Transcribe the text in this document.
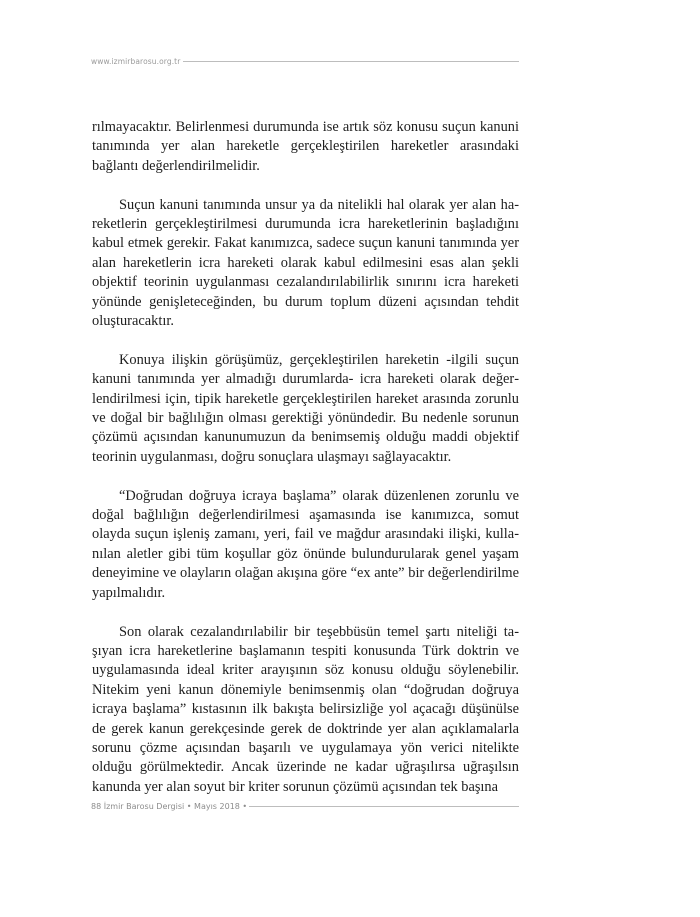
www.izmirbarosu.org.tr

rılmayacaktır. Belirlenmesi durumunda ise artık söz konusu suçun kanuni tanımında yer alan hareketle gerçekleştirilen hareketler arasındaki bağlantı değerlendirilmelidir.

Suçun kanuni tanımında unsur ya da nitelikli hal olarak yer alan hareketlerin gerçekleştirilmesi durumunda icra hareketlerinin başladığını kabul etmek gerekir. Fakat kanımızca, sadece suçun kanuni tanımında yer alan hareketlerin icra hareketi olarak kabul edilmesini esas alan şekli objektif teorinin uygulanması cezalandırılabilirlik sınırını icra hareketi yönünde genişleteceğinden, bu durum toplum düzeni açısından tehdit oluşturacaktır.

Konuya ilişkin görüşümüz, gerçekleştirilen hareketin -ilgili suçun kanuni tanımında yer almadığı durumlarda- icra hareketi olarak değerlendirilmesi için, tipik hareketle gerçekleştirilen hareket arasında zorunlu ve doğal bir bağlılığın olması gerektiği yönündedir. Bu nedenle sorunun çözümü açısından kanunumuzun da benimsemiş olduğu maddi objektif teorinin uygulanması, doğru sonuçlara ulaşmayı sağlayacaktır.

“Doğrudan doğruya icraya başlama” olarak düzenlenen zorunlu ve doğal bağlılığın değerlendirilmesi aşamasında ise kanımızca, somut olayda suçun işleniş zamanı, yeri, fail ve mağdur arasındaki ilişki, kullanılan aletler gibi tüm koşullar göz önünde bulundurularak genel yaşam deneyimine ve olayların olağan akışına göre “ex ante” bir değerlendirilme yapılmalıdır.

Son olarak cezalandırılabilir bir teşebbüsün temel şartı niteliği taşıyan icra hareketlerine başlamanın tespiti konusunda Türk doktrin ve uygulamasında ideal kriter arayışının söz konusu olduğu söylenebilir. Nitekim yeni kanun dönemiyle benimsenmiş olan “doğrudan doğruya icraya başlama” kıstasının ilk bakışta belirsizliğe yol açacağı düşünülse de gerek kanun gerekçesinde gerek de doktrinde yer alan açıklamalarla sorunu çözme açısından başarılı ve uygulamaya yön verici nitelikte olduğu görülmektedir. Ancak üzerinde ne kadar uğraşılırsa uğraşılsın kanunda yer alan soyut bir kriter sorunun çözümü açısından tek başına

88 İzmir Barosu Dergisi • Mayıs 2018 •
